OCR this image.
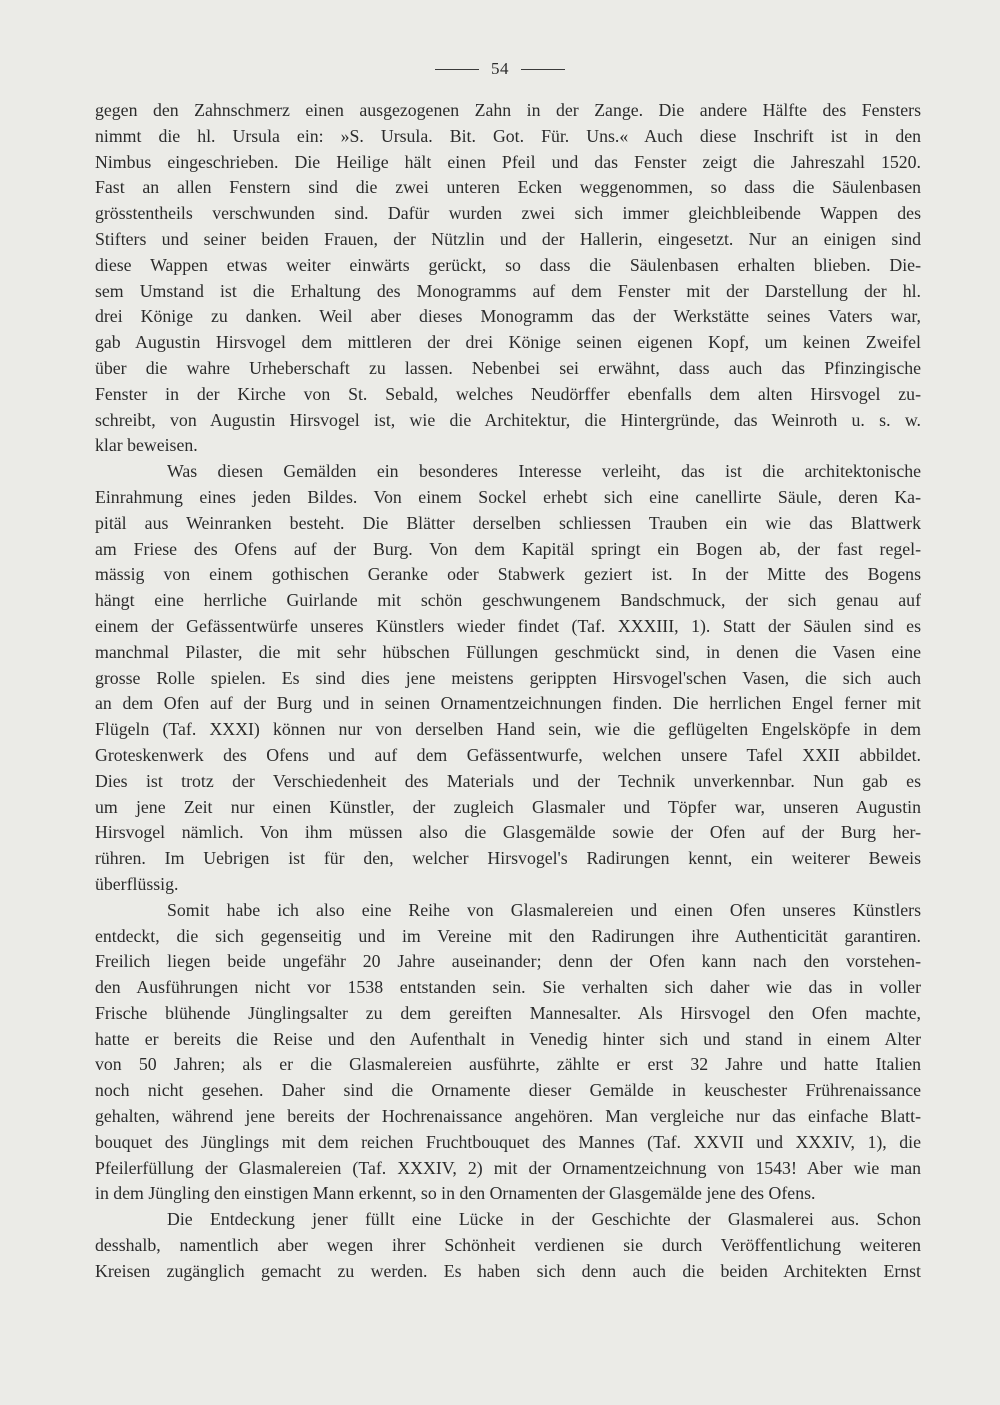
54
gegen den Zahnschmerz einen ausgezogenen Zahn in der Zange. Die andere Hälfte des Fensters
nimmt die hl. Ursula ein: »S. Ursula. Bit. Got. Für. Uns.« Auch diese Inschrift ist in den
Nimbus eingeschrieben. Die Heilige hält einen Pfeil und das Fenster zeigt die Jahreszahl 1520.
Fast an allen Fenstern sind die zwei unteren Ecken weggenommen, so dass die Säulenbasen
grösstentheils verschwunden sind. Dafür wurden zwei sich immer gleichbleibende Wappen des
Stifters und seiner beiden Frauen, der Nützlin und der Hallerin, eingesetzt. Nur an einigen sind
diese Wappen etwas weiter einwärts gerückt, so dass die Säulenbasen erhalten blieben. Die-
sem Umstand ist die Erhaltung des Monogramms auf dem Fenster mit der Darstellung der hl.
drei Könige zu danken. Weil aber dieses Monogramm das der Werkstätte seines Vaters war,
gab Augustin Hirsvogel dem mittleren der drei Könige seinen eigenen Kopf, um keinen Zweifel
über die wahre Urheberschaft zu lassen. Nebenbei sei erwähnt, dass auch das Pfinzingische
Fenster in der Kirche von St. Sebald, welches Neudörffer ebenfalls dem alten Hirsvogel zu-
schreibt, von Augustin Hirsvogel ist, wie die Architektur, die Hintergründe, das Weinroth u. s. w.
klar beweisen.
Was diesen Gemälden ein besonderes Interesse verleiht, das ist die architektonische
Einrahmung eines jeden Bildes. Von einem Sockel erhebt sich eine canellirte Säule, deren Ka-
pitäl aus Weinranken besteht. Die Blätter derselben schliessen Trauben ein wie das Blattwerk
am Friese des Ofens auf der Burg. Von dem Kapitäl springt ein Bogen ab, der fast regel-
mässig von einem gothischen Geranke oder Stabwerk geziert ist. In der Mitte des Bogens
hängt eine herrliche Guirlande mit schön geschwungenem Bandschmuck, der sich genau auf
einem der Gefässentwürfe unseres Künstlers wieder findet (Taf. XXXIII, 1). Statt der Säulen sind es
manchmal Pilaster, die mit sehr hübschen Füllungen geschmückt sind, in denen die Vasen eine
grosse Rolle spielen. Es sind dies jene meistens gerippten Hirsvogel'schen Vasen, die sich auch
an dem Ofen auf der Burg und in seinen Ornamentzeichnungen finden. Die herrlichen Engel ferner mit
Flügeln (Taf. XXXI) können nur von derselben Hand sein, wie die geflügelten Engelsköpfe in dem
Groteskenwerk des Ofens und auf dem Gefässentwurfe, welchen unsere Tafel XXII abbildet.
Dies ist trotz der Verschiedenheit des Materials und der Technik unverkennbar. Nun gab es
um jene Zeit nur einen Künstler, der zugleich Glasmaler und Töpfer war, unseren Augustin
Hirsvogel nämlich. Von ihm müssen also die Glasgemälde sowie der Ofen auf der Burg her-
rühren. Im Uebrigen ist für den, welcher Hirsvogel's Radirungen kennt, ein weiterer Beweis
überflüssig.
Somit habe ich also eine Reihe von Glasmalereien und einen Ofen unseres Künstlers
entdeckt, die sich gegenseitig und im Vereine mit den Radirungen ihre Authenticität garantiren.
Freilich liegen beide ungefähr 20 Jahre auseinander; denn der Ofen kann nach den vorstehen-
den Ausführungen nicht vor 1538 entstanden sein. Sie verhalten sich daher wie das in voller
Frische blühende Jünglingsalter zu dem gereiften Mannesalter. Als Hirsvogel den Ofen machte,
hatte er bereits die Reise und den Aufenthalt in Venedig hinter sich und stand in einem Alter
von 50 Jahren; als er die Glasmalereien ausführte, zählte er erst 32 Jahre und hatte Italien
noch nicht gesehen. Daher sind die Ornamente dieser Gemälde in keuschester Frührenaissance
gehalten, während jene bereits der Hochrenaissance angehören. Man vergleiche nur das einfache Blatt-
bouquet des Jünglings mit dem reichen Fruchtbouquet des Mannes (Taf. XXVII und XXXIV, 1), die
Pfeilerfüllung der Glasmalereien (Taf. XXXIV, 2) mit der Ornamentzeichnung von 1543! Aber wie man
in dem Jüngling den einstigen Mann erkennt, so in den Ornamenten der Glasgemälde jene des Ofens.
Die Entdeckung jener füllt eine Lücke in der Geschichte der Glasmalerei aus. Schon
desshalb, namentlich aber wegen ihrer Schönheit verdienen sie durch Veröffentlichung weiteren
Kreisen zugänglich gemacht zu werden. Es haben sich denn auch die beiden Architekten Ernst
